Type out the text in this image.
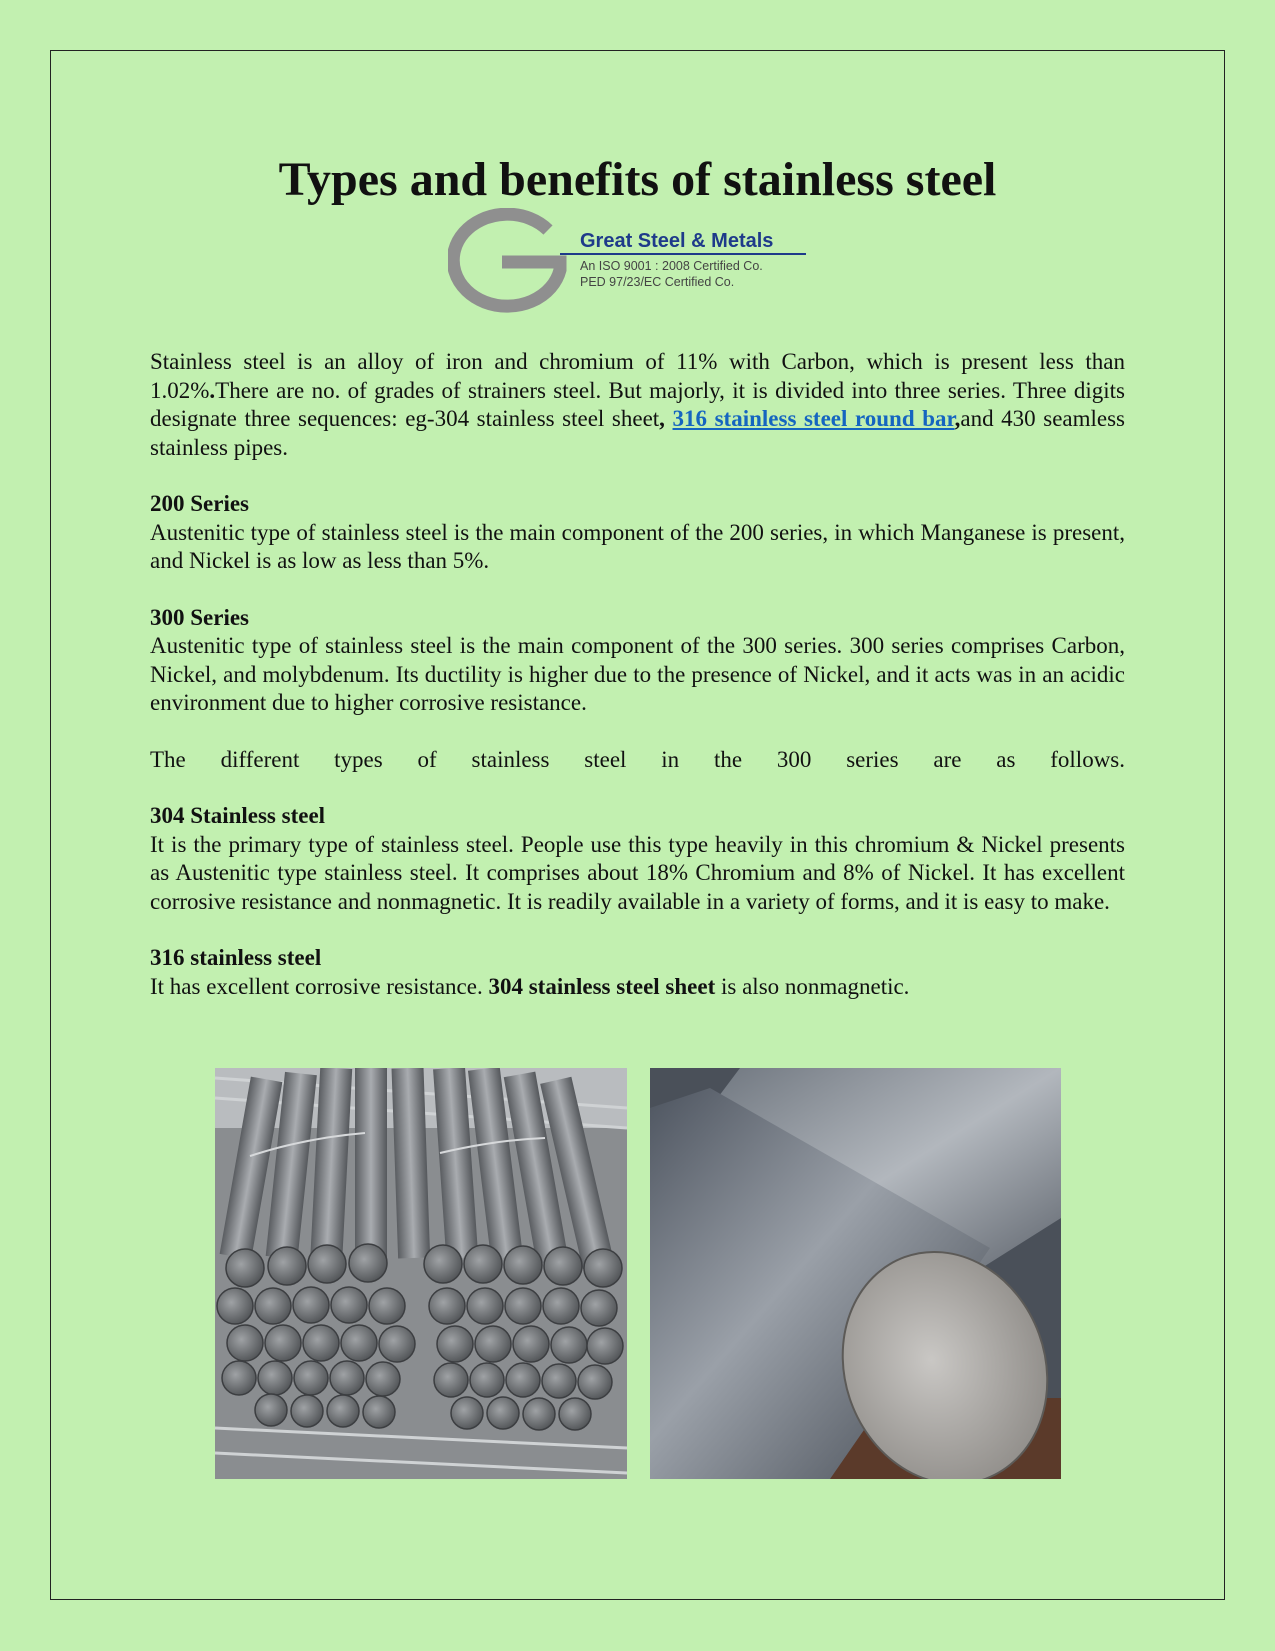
Types and benefits of stainless steel
Great Steel & Metals
An ISO 9001 : 2008 Certified Co.
PED 97/23/EC Certified Co.

Stainless steel is an alloy of iron and chromium of 11% with Carbon, which is present less than 1.02%.There are no. of grades of strainers steel. But majorly, it is divided into three series. Three digits designate three sequences: eg-304 stainless steel sheet, 316 stainless steel round bar,and 430 seamless stainless pipes.

200 Series

Austenitic type of stainless steel is the main component of the 200 series, in which Manganese is present, and Nickel is as low as less than 5%.

300 Series

Austenitic type of stainless steel is the main component of the 300 series. 300 series comprises Carbon, Nickel, and molybdenum. Its ductility is higher due to the presence of Nickel, and it acts was in an acidic environment due to higher corrosive resistance.

The different types of stainless steel in the 300 series are as follows.
304 Stainless steel

It is the primary type of stainless steel. People use this type heavily in this chromium & Nickel presents as Austenitic type stainless steel. It comprises about 18% Chromium and 8% of Nickel. It has excellent corrosive resistance and nonmagnetic. It is readily available in a variety of forms, and it is easy to make.

316 stainless steel

It has excellent corrosive resistance. 304 stainless steel sheet is also nonmagnetic.
